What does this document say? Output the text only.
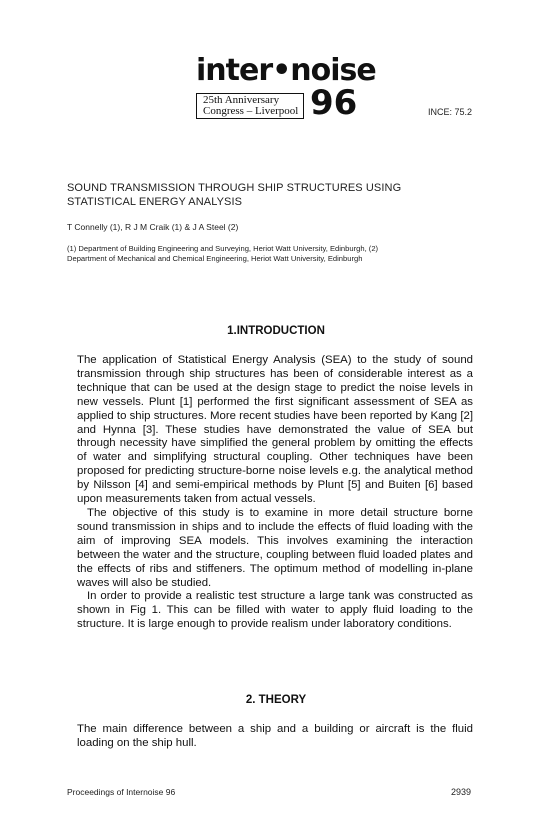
inter•noise
25th Anniversary
Congress – Liverpool 96	INCE: 75.2
SOUND TRANSMISSION THROUGH SHIP STRUCTURES USING
STATISTICAL ENERGY ANALYSIS
T Connelly (1), R J M Craik (1) & J A Steel (2)
(1) Department of Building Engineering and Surveying, Heriot Watt University, Edinburgh, (2)
Department of Mechanical and Chemical Engineering, Heriot Watt University, Edinburgh
1.INTRODUCTION

The application of Statistical Energy Analysis (SEA) to the study of sound transmission through ship structures has been of considerable interest as a technique that can be used at the design stage to predict the noise levels in new vessels. Plunt [1] performed the first significant assessment of SEA as applied to ship structures. More recent studies have been reported by Kang [2] and Hynna [3]. These studies have demonstrated the value of SEA but through necessity have simplified the general problem by omitting the effects of water and simplifying structural coupling. Other techniques have been proposed for predicting structure-borne noise levels e.g. the analytical method by Nilsson [4] and semi-empirical methods by Plunt [5] and Buiten [6] based upon measurements taken from actual vessels.

The objective of this study is to examine in more detail structure borne sound transmission in ships and to include the effects of fluid loading with the aim of improving SEA models. This involves examining the interaction between the water and the structure, coupling between fluid loaded plates and the effects of ribs and stiffeners. The optimum method of modelling in-plane waves will also be studied.

In order to provide a realistic test structure a large tank was constructed as shown in Fig 1. This can be filled with water to apply fluid loading to the structure. It is large enough to provide realism under laboratory conditions.

2. THEORY

The main difference between a ship and a building or aircraft is the fluid loading on the ship hull.

Proceedings of Internoise 96	2939
